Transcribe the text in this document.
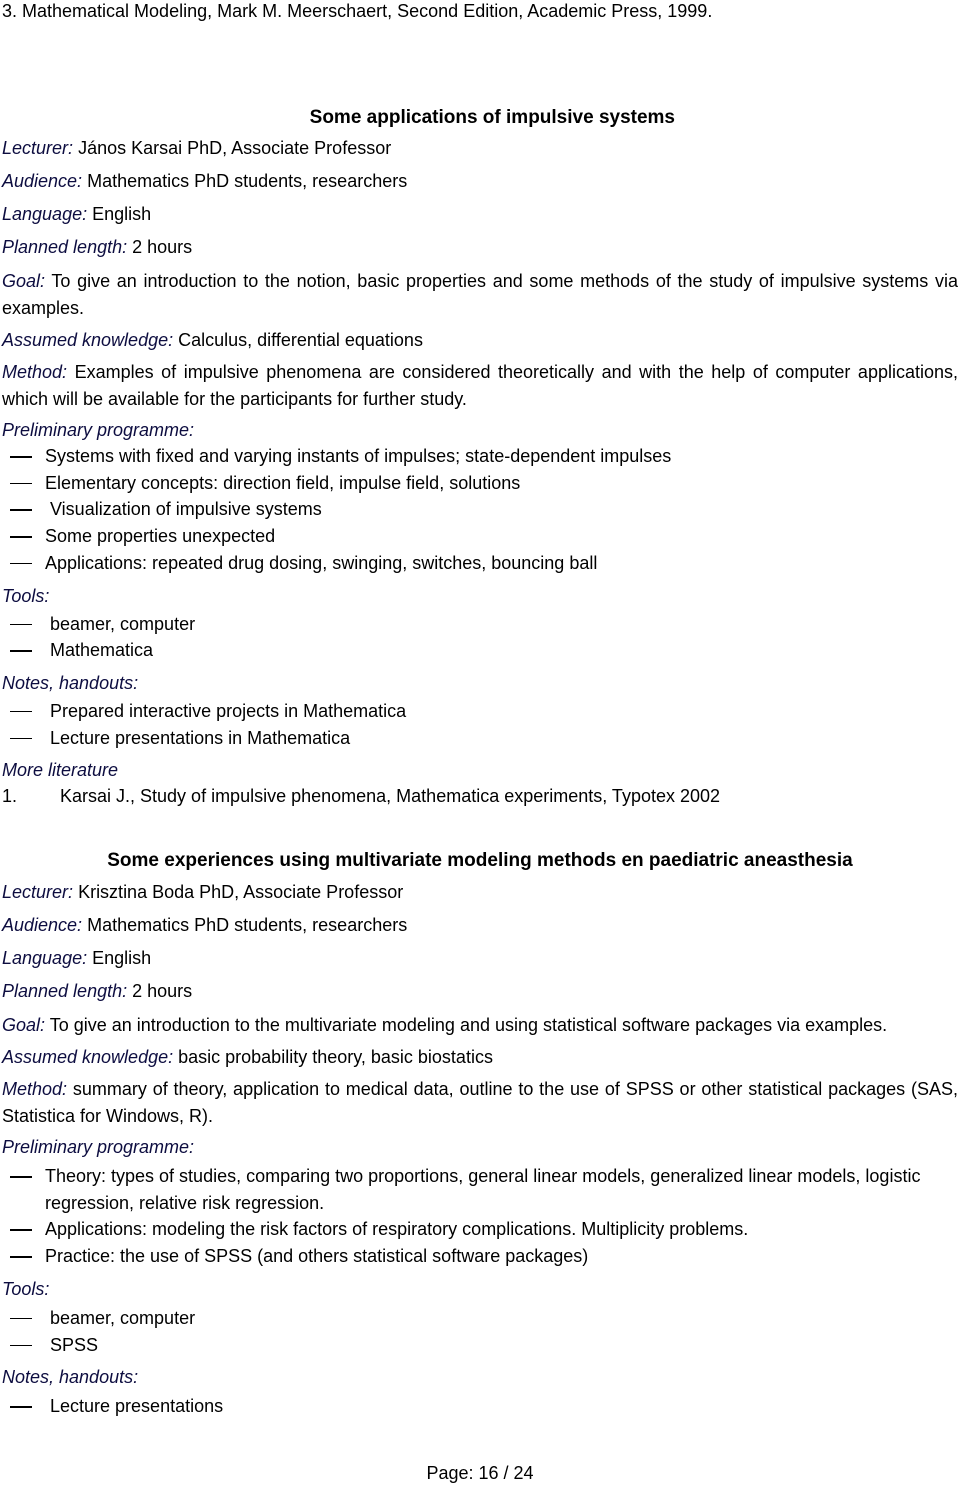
3. Mathematical Modeling, Mark M. Meerschaert, Second Edition, Academic Press, 1999.
Some applications of impulsive systems
Lecturer: János Karsai PhD, Associate Professor
Audience: Mathematics PhD students, researchers
Language: English
Planned length: 2 hours

Goal: To give an introduction to the notion, basic properties and some methods of the study of impulsive systems via examples.

Assumed knowledge: Calculus, differential equations

Method: Examples of impulsive phenomena are considered theoretically and with the help of computer applications, which will be available for the participants for further study.

Preliminary programme:
Systems with fixed and varying instants of impulses; state-dependent impulses
Elementary concepts: direction field, impulse field, solutions
Visualization of impulsive systems
Some properties unexpected
Applications: repeated drug dosing, swinging, switches, bouncing ball
Tools:
beamer, computer
Mathematica
Notes, handouts:
Prepared interactive projects in Mathematica
Lecture presentations in Mathematica
More literature
1. Karsai J., Study of impulsive phenomena, Mathematica experiments, Typotex 2002
Some experiences using multivariate modeling methods en paediatric aneasthesia
Lecturer: Krisztina Boda PhD, Associate Professor
Audience: Mathematics PhD students, researchers
Language: English
Planned length: 2 hours

Goal: To give an introduction to the multivariate modeling and using statistical software packages via examples.

Assumed knowledge: basic probability theory, basic biostatics

Method: summary of theory, application to medical data, outline to the use of SPSS or other statistical packages (SAS, Statistica for Windows, R).

Preliminary programme:
Theory: types of studies, comparing two proportions, general linear models, generalized linear models, logistic regression, relative risk regression.
Applications: modeling the risk factors of respiratory complications. Multiplicity problems.
Practice: the use of SPSS (and others statistical software packages)
Tools:
beamer, computer
SPSS
Notes, handouts:
Lecture presentations
Page: 16 / 24
